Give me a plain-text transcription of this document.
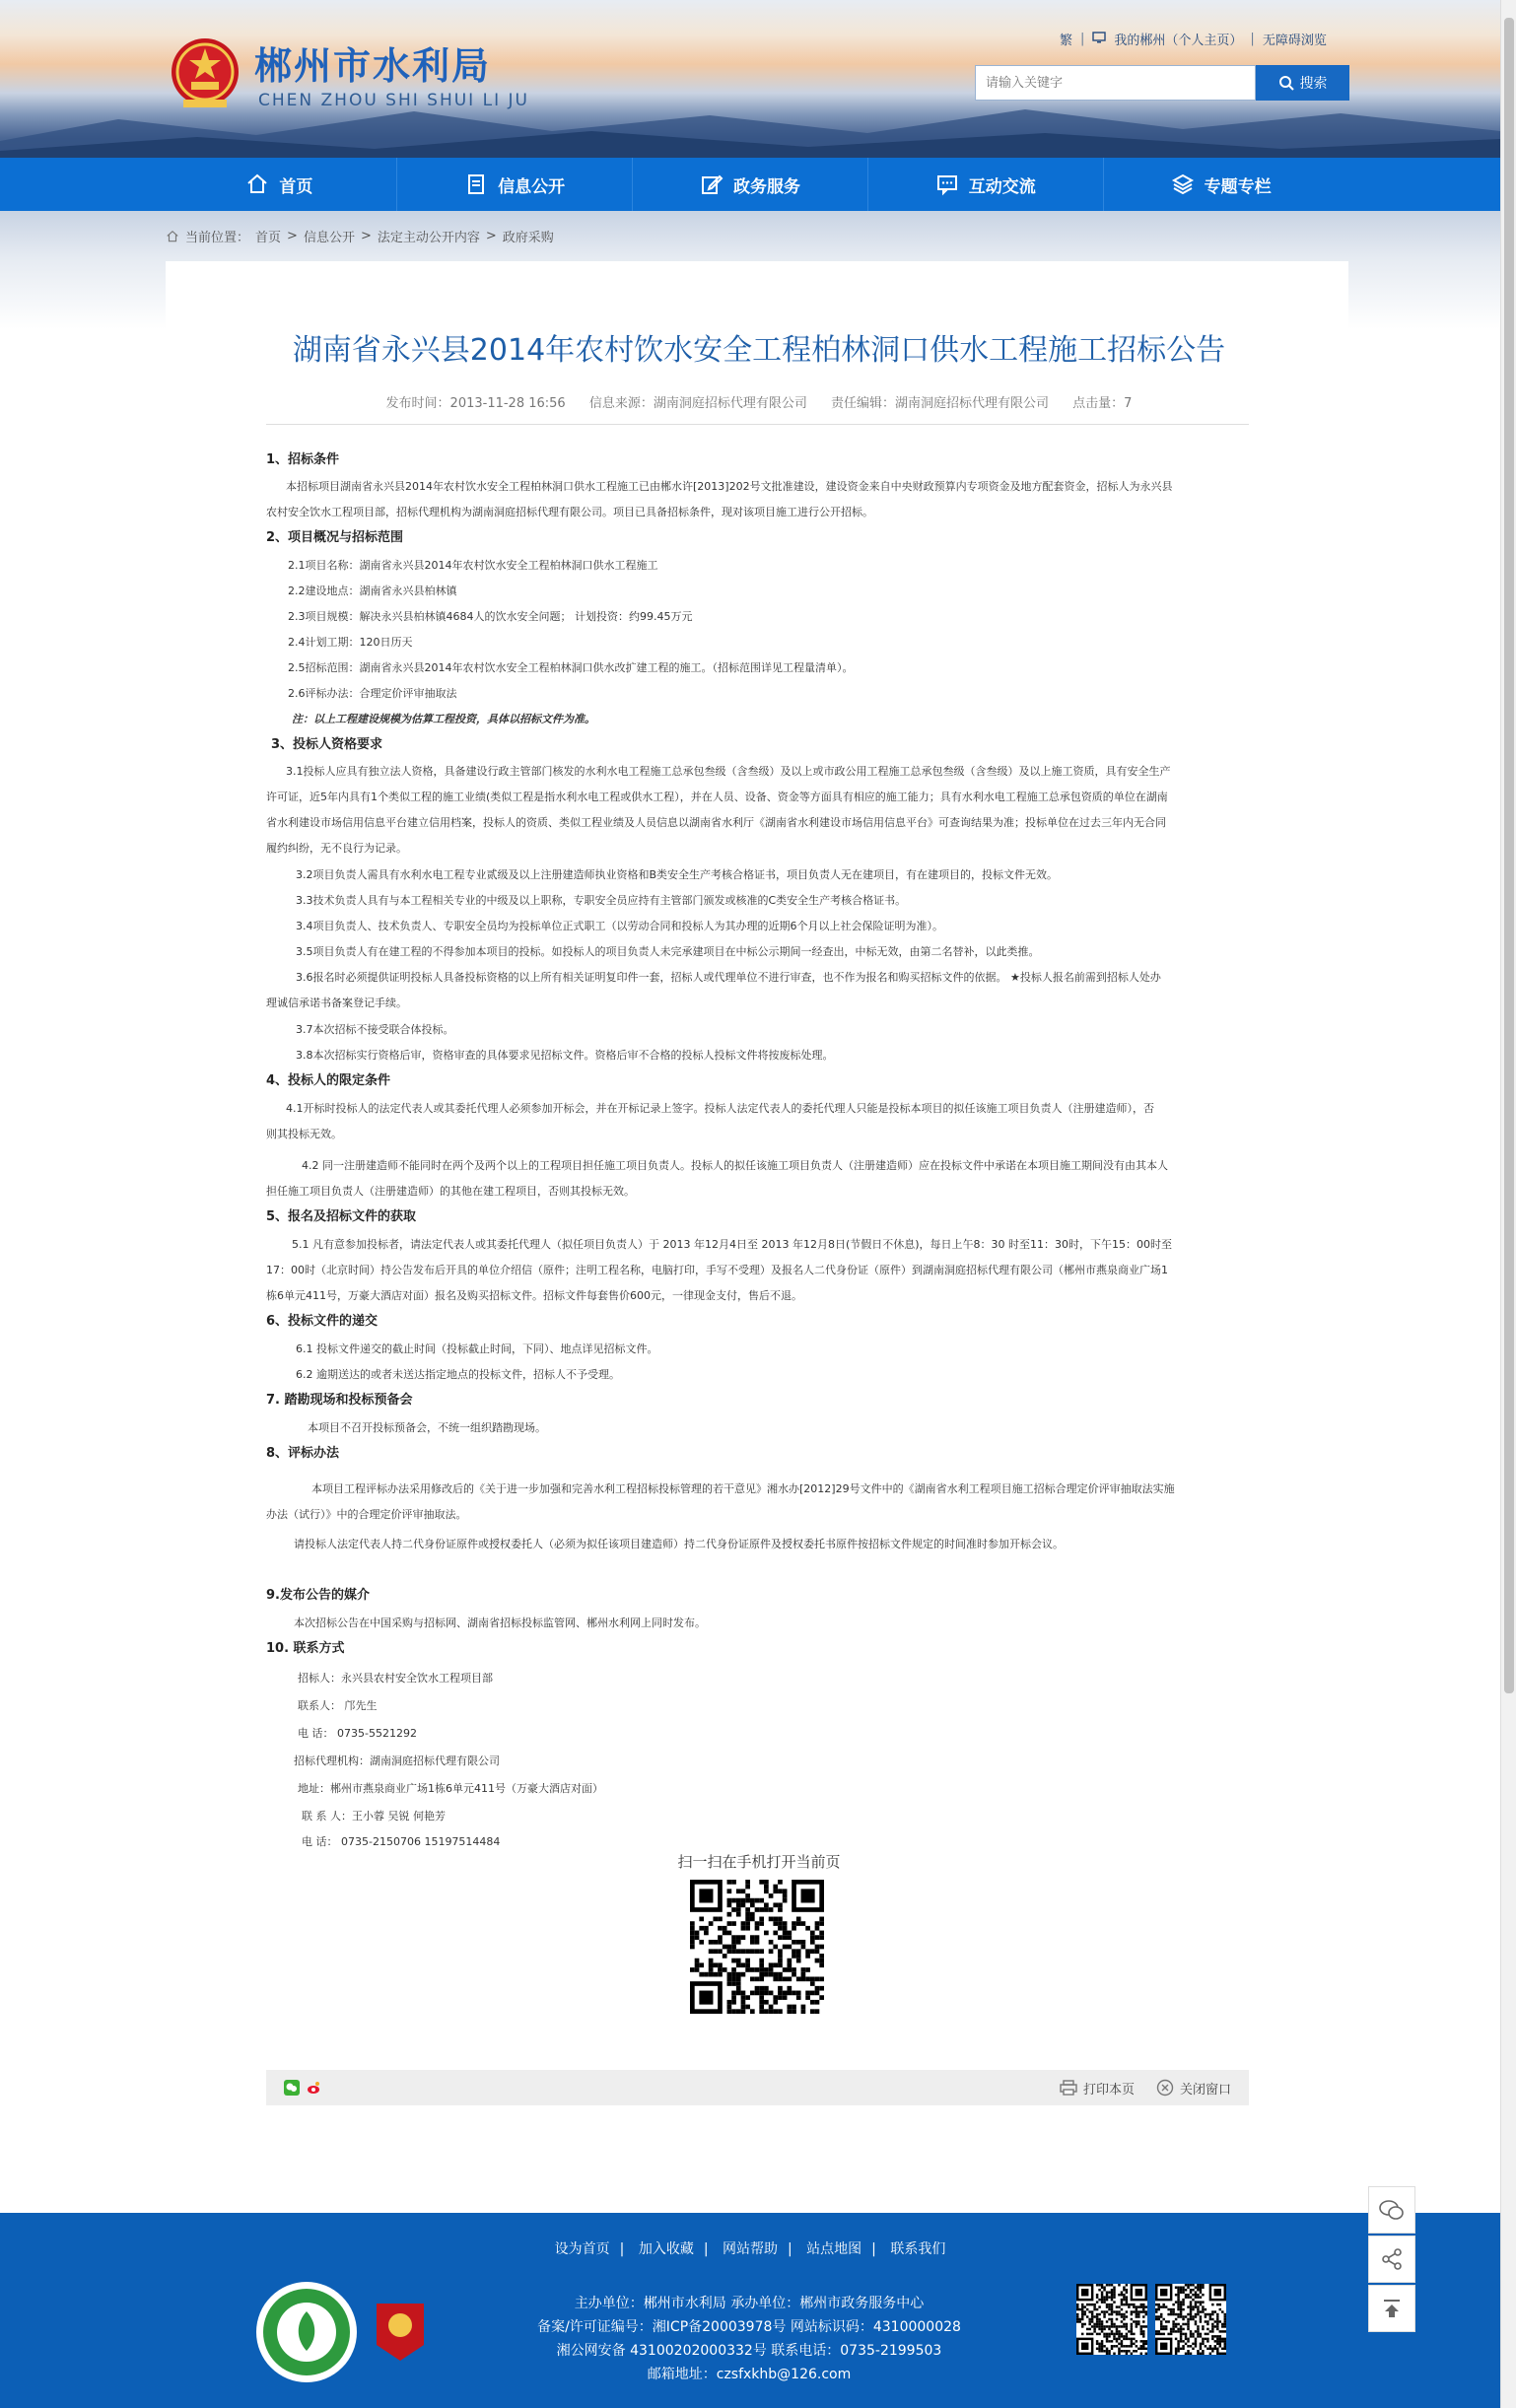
郴州市水利局
CHEN ZHOU SHI SHUI LI JU
繁 | 我的郴州（个人主页） | 无障碍浏览
请输入关键字
搜索
首页	信息公开	政务服务	互动交流	专题专栏
当前位置： 首页 > 信息公开 > 法定主动公开内容 > 政府采购
湖南省永兴县2014年农村饮水安全工程柏林洞口供水工程施工招标公告
发布时间：2013-11-28 16:56 信息来源：湖南洞庭招标代理有限公司 责任编辑：湖南洞庭招标代理有限公司 点击量：7
1、招标条件
本招标项目湖南省永兴县2014年农村饮水安全工程柏林洞口供水工程施工已由郴水许[2013]202号文批准建设，建设资金来自中央财政预算内专项资金及地方配套资金，招标人为永兴县
农村安全饮水工程项目部，招标代理机构为湖南洞庭招标代理有限公司。项目已具备招标条件，现对该项目施工进行公开招标。
2、项目概况与招标范围
2.1项目名称：湖南省永兴县2014年农村饮水安全工程柏林洞口供水工程施工
2.2建设地点：湖南省永兴县柏林镇
2.3项目规模：解决永兴县柏林镇4684人的饮水安全问题； 计划投资：约99.45万元
2.4计划工期：120日历天
2.5招标范围：湖南省永兴县2014年农村饮水安全工程柏林洞口供水改扩建工程的施工。（招标范围详见工程量清单）。
2.6评标办法：合理定价评审抽取法
注：以上工程建设规模为估算工程投资，具体以招标文件为准。
3、投标人资格要求
3.1投标人应具有独立法人资格，具备建设行政主管部门核发的水利水电工程施工总承包叁级（含叁级）及以上或市政公用工程施工总承包叁级（含叁级）及以上施工资质，具有安全生产
许可证，近5年内具有1个类似工程的施工业绩(类似工程是指水利水电工程或供水工程），并在人员、设备、资金等方面具有相应的施工能力；具有水利水电工程施工总承包资质的单位在湖南
省水利建设市场信用信息平台建立信用档案，投标人的资质、类似工程业绩及人员信息以湖南省水利厅《湖南省水利建设市场信用信息平台》可查询结果为准；投标单位在过去三年内无合同
履约纠纷，无不良行为记录。
3.2项目负责人需具有水利水电工程专业贰级及以上注册建造师执业资格和B类安全生产考核合格证书，项目负责人无在建项目，有在建项目的，投标文件无效。
3.3技术负责人具有与本工程相关专业的中级及以上职称，专职安全员应持有主管部门颁发或核准的C类安全生产考核合格证书。
3.4项目负责人、技术负责人、专职安全员均为投标单位正式职工（以劳动合同和投标人为其办理的近期6个月以上社会保险证明为准）。
3.5项目负责人有在建工程的不得参加本项目的投标。如投标人的项目负责人未完承建项目在中标公示期间一经查出，中标无效，由第二名替补，以此类推。
3.6报名时必须提供证明投标人具备投标资格的以上所有相关证明复印件一套，招标人或代理单位不进行审查，也不作为报名和购买招标文件的依据。 ★投标人报名前需到招标人处办
理诚信承诺书备案登记手续。
3.7本次招标不接受联合体投标。
3.8本次招标实行资格后审，资格审查的具体要求见招标文件。资格后审不合格的投标人投标文件将按废标处理。
4、投标人的限定条件
4.1开标时投标人的法定代表人或其委托代理人必须参加开标会，并在开标记录上签字。投标人法定代表人的委托代理人只能是投标本项目的拟任该施工项目负责人（注册建造师），否
则其投标无效。
4.2 同一注册建造师不能同时在两个及两个以上的工程项目担任施工项目负责人。投标人的拟任该施工项目负责人（注册建造师）应在投标文件中承诺在本项目施工期间没有由其本人
担任施工项目负责人（注册建造师）的其他在建工程项目，否则其投标无效。
5、报名及招标文件的获取
5.1 凡有意参加投标者，请法定代表人或其委托代理人（拟任项目负责人）于 2013 年12月4日至 2013 年12月8日(节假日不休息)，每日上午8：30 时至11：30时，下午15：00时至
17：00时（北京时间）持公告发布后开具的单位介绍信（原件；注明工程名称，电脑打印，手写不受理）及报名人二代身份证（原件）到湖南洞庭招标代理有限公司（郴州市燕泉商业广场1
栋6单元411号，万豪大酒店对面）报名及购买招标文件。招标文件每套售价600元，一律现金支付，售后不退。
6、投标文件的递交
6.1 投标文件递交的截止时间（投标截止时间，下同）、地点详见招标文件。
6.2 逾期送达的或者未送达指定地点的投标文件，招标人不予受理。
7. 踏勘现场和投标预备会
本项目不召开投标预备会，不统一组织踏勘现场。
8、评标办法
本项目工程评标办法采用修改后的《关于进一步加强和完善水利工程招标投标管理的若干意见》湘水办[2012]29号文件中的《湖南省水利工程项目施工招标合理定价评审抽取法实施
办法（试行）》中的合理定价评审抽取法。
请投标人法定代表人持二代身份证原件或授权委托人（必须为拟任该项目建造师）持二代身份证原件及授权委托书原件按招标文件规定的时间准时参加开标会议。
9.发布公告的媒介
本次招标公告在中国采购与招标网、湖南省招标投标监管网、郴州水利网上同时发布。
10. 联系方式
招标人：永兴县农村安全饮水工程项目部
联系人： 邝先生
电 话： 0735-5521292
招标代理机构：湖南洞庭招标代理有限公司
地址：郴州市燕泉商业广场1栋6单元411号（万豪大酒店对面）
联 系 人：王小蓉 吴锐 何艳芳
电 话： 0735-2150706 15197514484
扫一扫在手机打开当前页
打印本页	关闭窗口
设为首页 | 加入收藏 | 网站帮助 | 站点地图 | 联系我们
主办单位：郴州市水利局 承办单位：郴州市政务服务中心
备案/许可证编号：湘ICP备20003978号 网站标识码：4310000028
湘公网安备 43100202000332号 联系电话：0735-2199503
邮箱地址：czsfxkhb@126.com
